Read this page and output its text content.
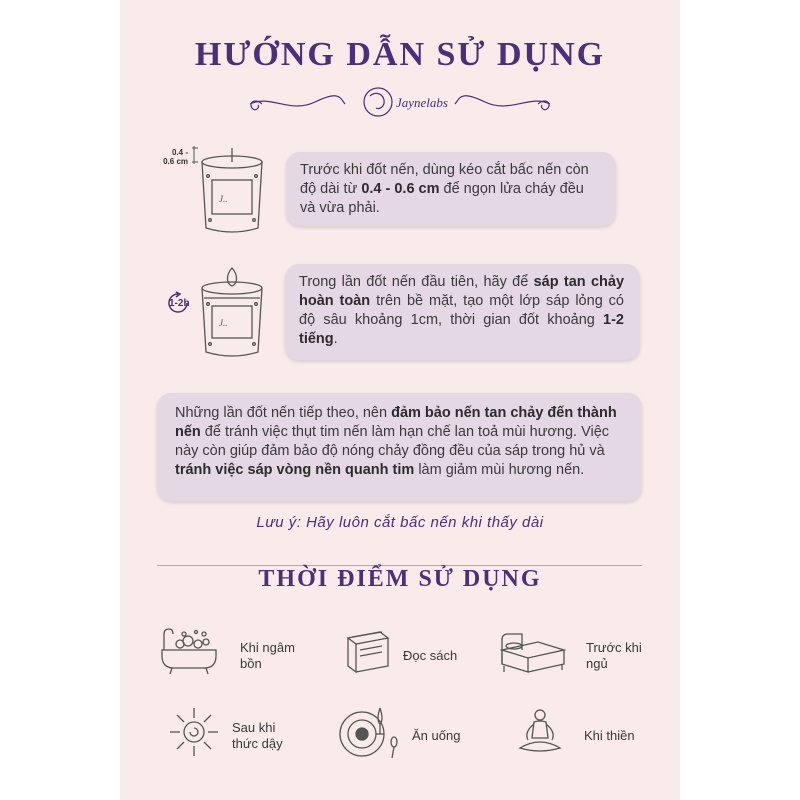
HƯỚNG DẪN SỬ DỤNG
Jaynelabs
0.4 -
0.6 cm
J..
Trước khi đốt nến, dùng kéo cắt bấc nến còn độ dài từ 0.4 - 0.6 cm để ngọn lửa cháy đều và vừa phải.
1-2h
J..
Trong lần đốt nến đầu tiên, hãy để sáp tan chảy hoàn toàn trên bề mặt, tạo một lớp sáp lỏng có độ sâu khoảng 1cm, thời gian đốt khoảng 1-2 tiếng.
Những lần đốt nến tiếp theo, nên đảm bảo nến tan chảy đến thành nến để tránh việc thụt tim nến làm hạn chế lan toả mùi hương. Việc này còn giúp đảm bảo độ nóng chảy đồng đều của sáp trong hủ và tránh việc sáp vòng nền quanh tim làm giảm mùi hương nến.
Lưu ý: Hãy luôn cắt bấc nến khi thấy dài
THỜI ĐIỂM SỬ DỤNG
Khi ngâm
bồn
Đọc sách
Trước khi
ngủ
Sau khi
thức dậy
Ăn uống	Khi thiền
